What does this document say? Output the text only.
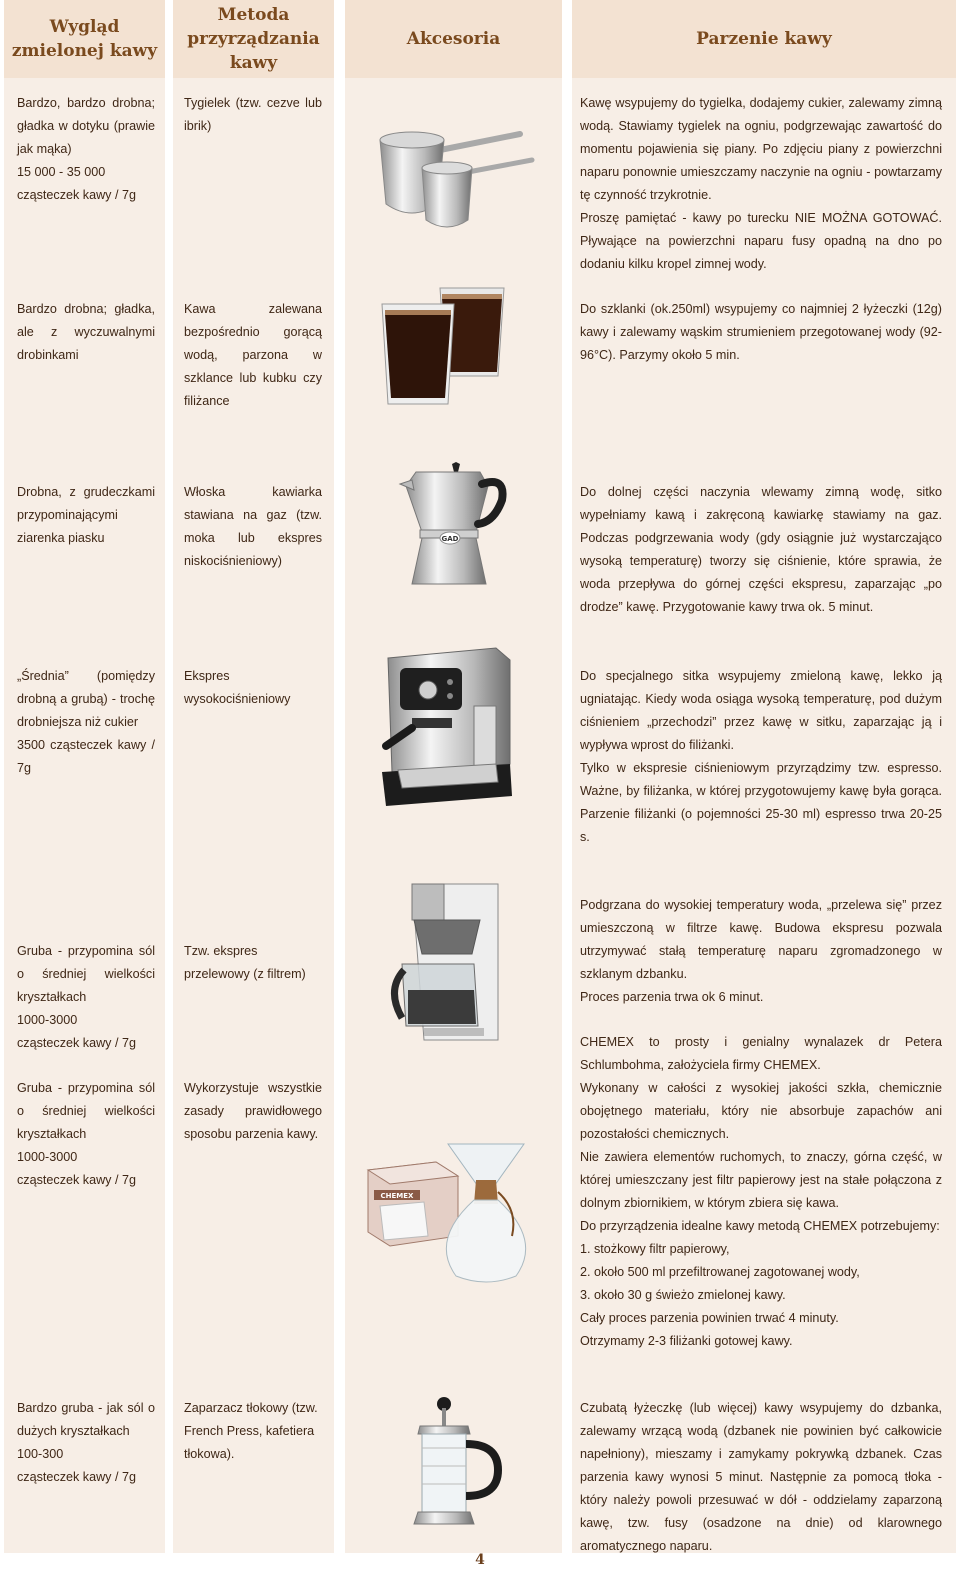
Wygląd zmielonej kawy
Metoda przyrządzania kawy
Akcesoria	Parzenie kawy

Bardzo, bardzo drobna; gładka w dotyku (prawie jak mąka)

15 000 - 35 000

cząsteczek kawy / 7g

Tygielek (tzw. cezve lub ibrik)

Kawę wsypujemy do tygielka, dodajemy cukier, zalewamy zimną wodą. Stawiamy tygielek na ogniu, podgrzewając zawartość do momentu pojawienia się piany. Po zdjęciu piany z powierzchni naparu ponownie umieszczamy naczynie na ogniu - powtarzamy tę czynność trzykrotnie.

Proszę pamiętać - kawy po turecku NIE MOŻNA GOTOWAĆ. Pływające na powierzchni naparu fusy opadną na dno po dodaniu kilku kropel zimnej wody.

Bardzo drobna; gładka, ale z wyczuwalnymi drobinkami

Kawa zalewana bezpośrednio gorącą wodą, parzona w szklance lub kubku czy filiżance

Do szklanki (ok.250ml) wsypujemy co najmniej 2 łyżeczki (12g) kawy i zalewamy wąskim strumieniem przegotowanej wody (92-96°C). Parzymy około 5 min.

Drobna, z grudeczkami przypominającymi ziarenka piasku

Włoska kawiarka stawiana na gaz (tzw. moka lub ekspres niskociśnieniowy)

GAD

Do dolnej części naczynia wlewamy zimną wodę, sitko wypełniamy kawą i zakręconą kawiarkę stawiamy na gaz. Podczas podgrzewania wody (gdy osiągnie już wystarczająco wysoką temperaturę) tworzy się ciśnienie, które sprawia, że woda przepływa do górnej części ekspresu, zaparzając „po drodze” kawę. Przygotowanie kawy trwa ok. 5 minut.

„Średnia” (pomiędzy drobną a grubą) - trochę drobniejsza niż cukier

3500 cząsteczek kawy / 7g

Ekspres wysokociśnieniowy

Do specjalnego sitka wsypujemy zmieloną kawę, lekko ją ugniatając. Kiedy woda osiąga wysoką temperaturę, pod dużym ciśnieniem „przechodzi” przez kawę w sitku, zaparzając ją i wypływa wprost do filiżanki.

Tylko w ekspresie ciśnieniowym przyrządzimy tzw. espresso. Ważne, by filiżanka, w której przygotowujemy kawę była gorąca. Parzenie filiżanki (o pojemności 25-30 ml) espresso trwa 20-25 s.

Gruba - przypomina sól o średniej wielkości kryształkach

1000-3000

cząsteczek kawy / 7g

Tzw. ekspres przelewowy (z filtrem)

Podgrzana do wysokiej temperatury woda, „przelewa się” przez umieszczoną w filtrze kawę. Budowa ekspresu pozwala utrzymywać stałą temperaturę naparu zgromadzonego w szklanym dzbanku.

Proces parzenia trwa ok 6 minut.

Gruba - przypomina sól o średniej wielkości kryształkach

1000-3000

cząsteczek kawy / 7g

Wykorzystuje wszystkie zasady prawidłowego sposobu parzenia kawy.

CHEMEX

CHEMEX to prosty i genialny wynalazek dr Petera Schlumbohma, założyciela firmy CHEMEX.

Wykonany w całości z wysokiej jakości szkła, chemicznie obojętnego materiału, który nie absorbuje zapachów ani pozostałości chemicznych.

Nie zawiera elementów ruchomych, to znaczy, górna część, w której umieszczany jest filtr papierowy jest na stałe połączona z dolnym zbiornikiem, w którym zbiera się kawa.

Do przyrządzenia idealne kawy metodą CHEMEX potrzebujemy:

1. stożkowy filtr papierowy,

2. około 500 ml przefiltrowanej zagotowanej wody,

3. około 30 g świeżo zmielonej kawy.

Cały proces parzenia powinien trwać 4 minuty.

Otrzymamy 2-3 filiżanki gotowej kawy.

Bardzo gruba - jak sól o dużych kryształkach

100-300

cząsteczek kawy / 7g

Zaparzacz tłokowy (tzw. French Press, kafetiera tłokowa).

Czubatą łyżeczkę (lub więcej) kawy wsypujemy do dzbanka, zalewamy wrzącą wodą (dzbanek nie powinien być całkowicie napełniony), mieszamy i zamykamy pokrywką dzbanek. Czas parzenia kawy wynosi 5 minut. Następnie za pomocą tłoka - który należy powoli przesuwać w dół - oddzielamy zaparzoną kawę, tzw. fusy (osadzone na dnie) od klarownego aromatycznego naparu.

4
